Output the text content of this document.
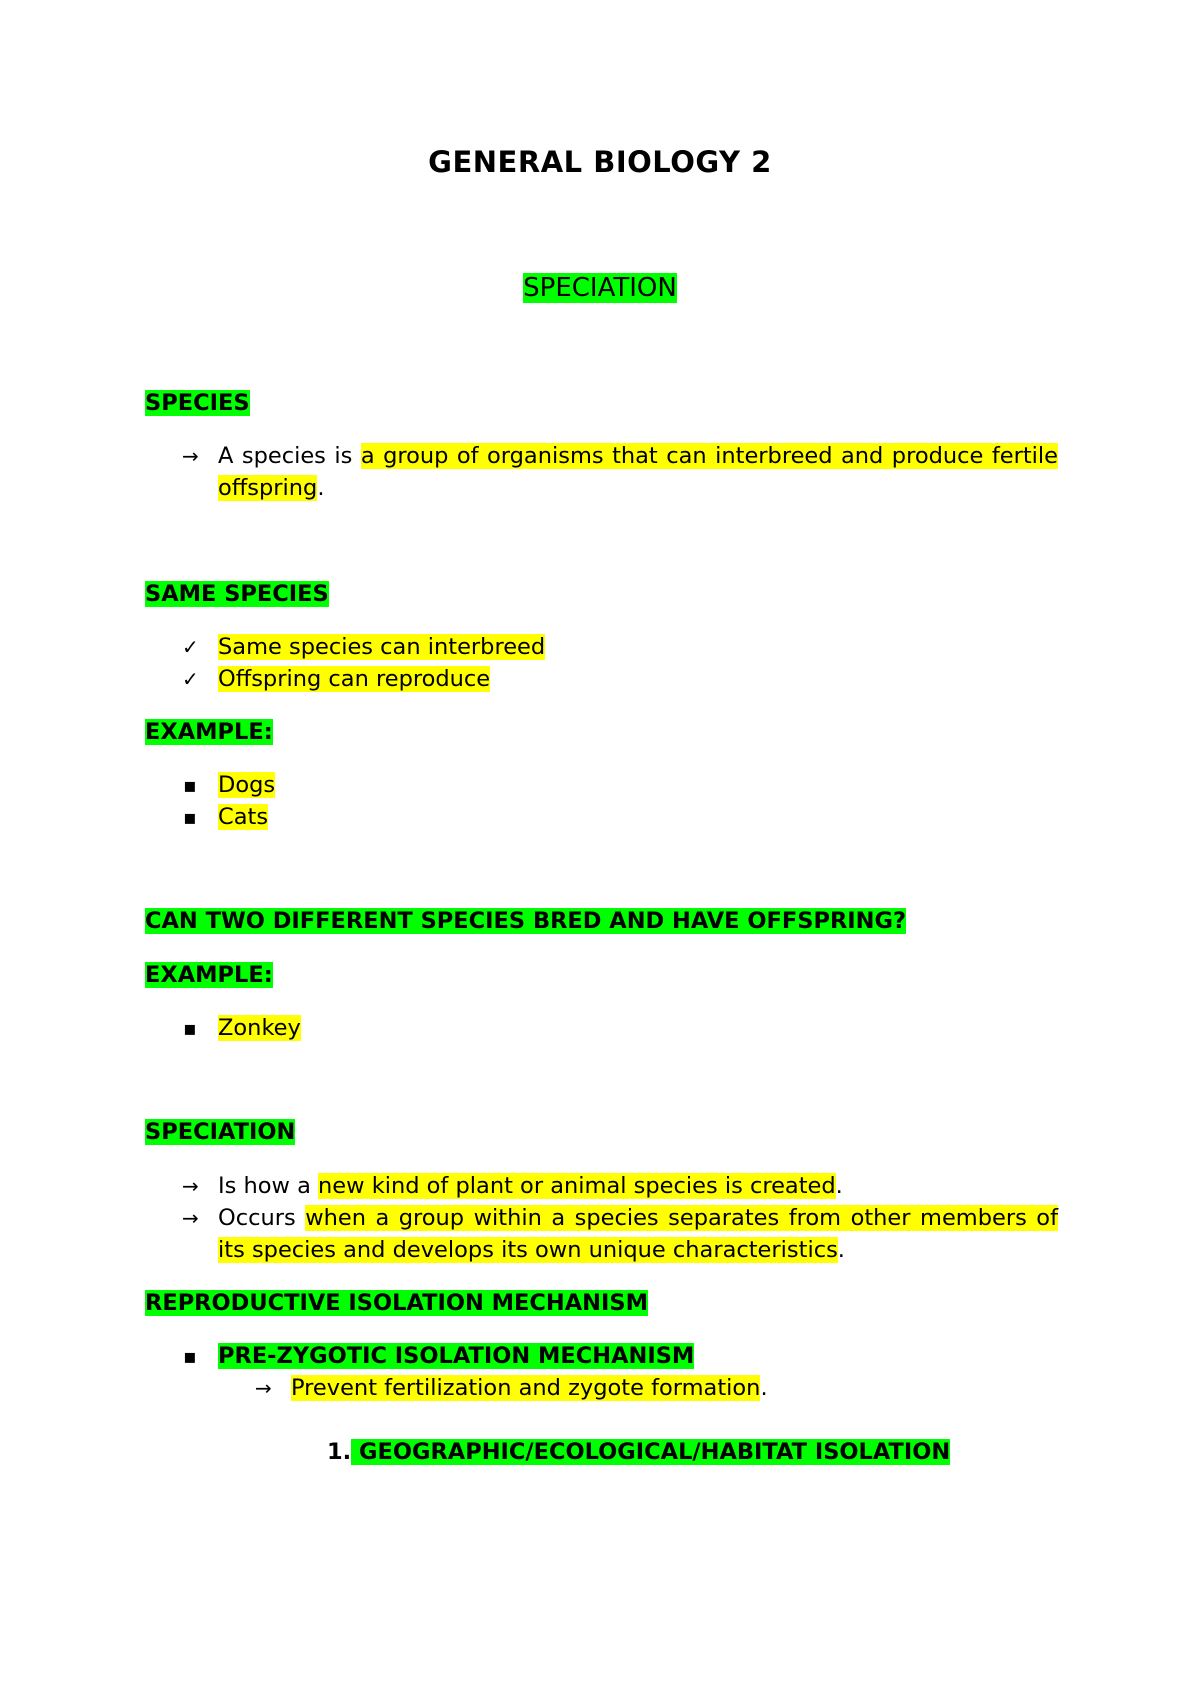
GENERAL BIOLOGY 2
SPECIATION
SPECIES
→ A species is a group of organisms that can interbreed and produce fertile offspring.
SAME SPECIES
✓ Same species can interbreed
✓ Offspring can reproduce
EXAMPLE:
▪ Dogs
▪ Cats
CAN TWO DIFFERENT SPECIES BRED AND HAVE OFFSPRING?
EXAMPLE:
▪ Zonkey
SPECIATION
→ Is how a new kind of plant or animal species is created.
→ Occurs when a group within a species separates from other members of its species and develops its own unique characteristics.
REPRODUCTIVE ISOLATION MECHANISM
▪ PRE-ZYGOTIC ISOLATION MECHANISM
→ Prevent fertilization and zygote formation.
1. GEOGRAPHIC/ECOLOGICAL/HABITAT ISOLATION
